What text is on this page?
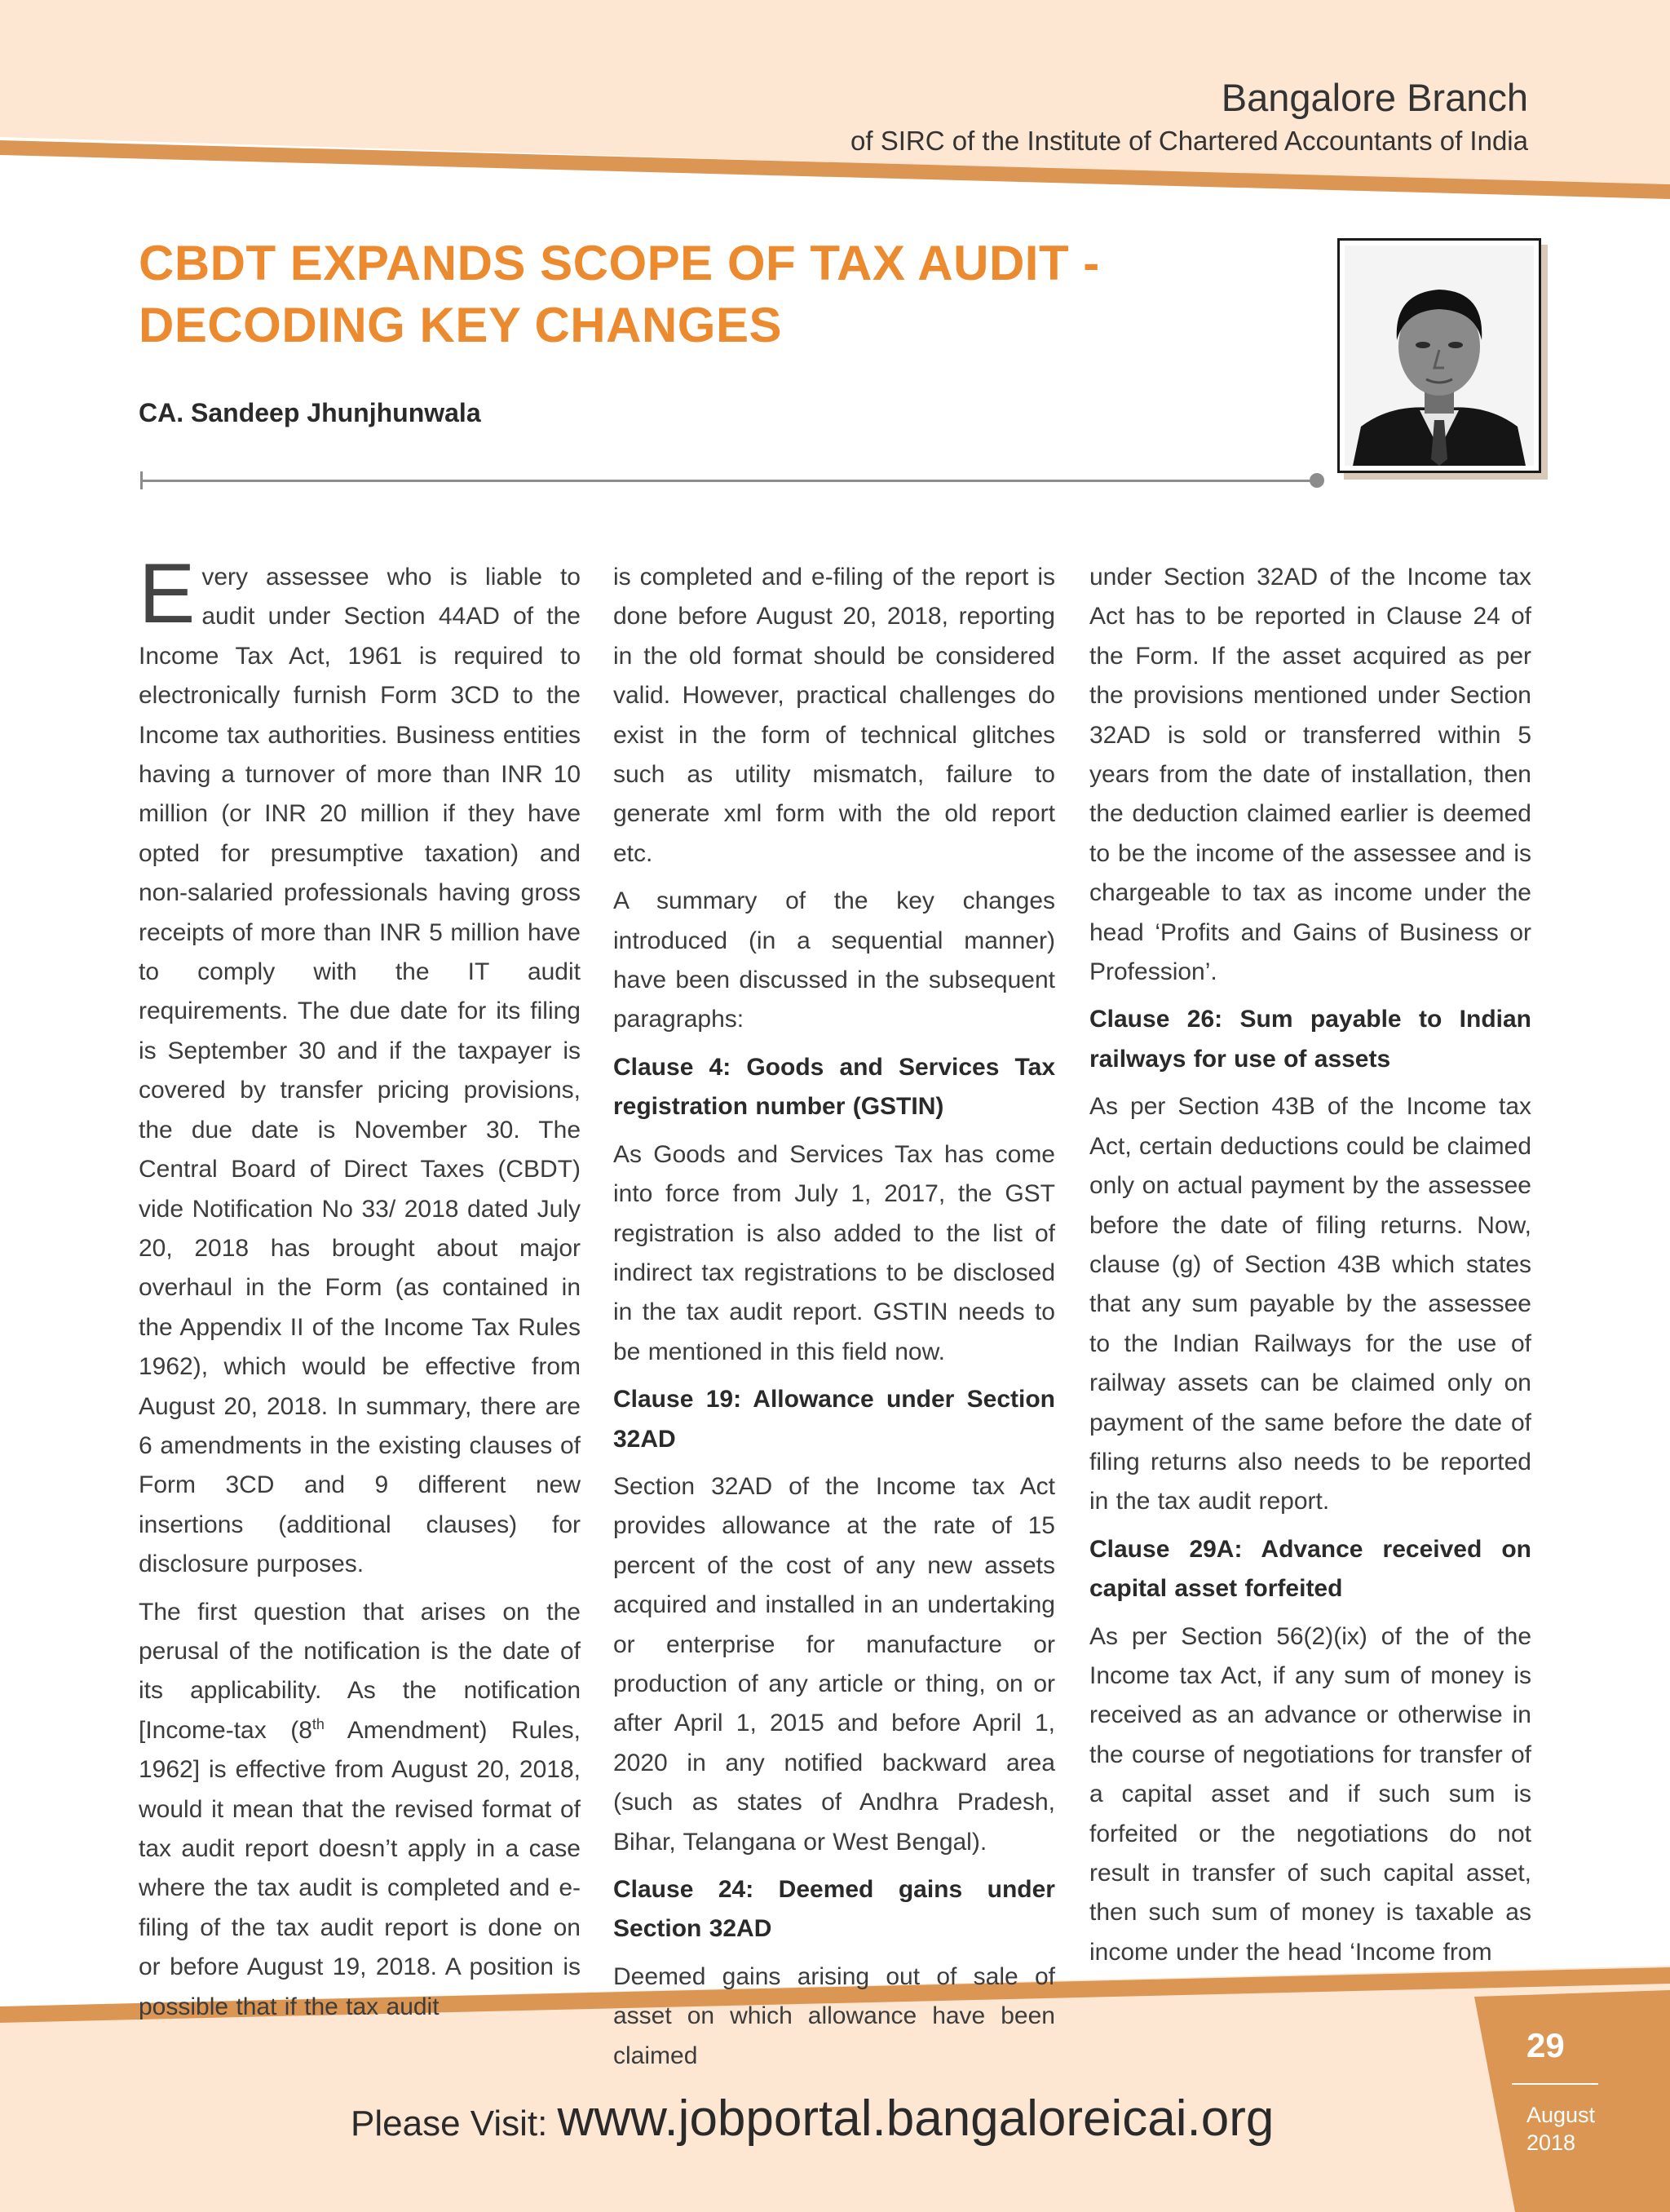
Bangalore Branch
of SIRC of the Institute of Chartered Accountants of India
CBDT EXPANDS SCOPE OF TAX AUDIT - DECODING KEY CHANGES
CA. Sandeep Jhunjhunwala

Every assessee who is liable to audit under Section 44AD of the Income Tax Act, 1961 is required to electronically furnish Form 3CD to the Income tax authorities. Business entities having a turnover of more than INR 10 million (or INR 20 million if they have opted for presumptive taxation) and non-salaried professionals having gross receipts of more than INR 5 million have to comply with the IT audit requirements. The due date for its filing is September 30 and if the taxpayer is covered by transfer pricing provisions, the due date is November 30. The Central Board of Direct Taxes (CBDT) vide Notification No 33/ 2018 dated July 20, 2018 has brought about major overhaul in the Form (as contained in the Appendix II of the Income Tax Rules 1962), which would be effective from August 20, 2018. In summary, there are 6 amendments in the existing clauses of Form 3CD and 9 different new insertions (additional clauses) for disclosure purposes.

The first question that arises on the perusal of the notification is the date of its applicability. As the notification [Income-tax (8th Amendment) Rules, 1962] is effective from August 20, 2018, would it mean that the revised format of tax audit report doesn’t apply in a case where the tax audit is completed and e-filing of the tax audit report is done on or before August 19, 2018. A position is possible that if the tax audit

is completed and e-filing of the report is done before August 20, 2018, reporting in the old format should be considered valid. However, practical challenges do exist in the form of technical glitches such as utility mismatch, failure to generate xml form with the old report etc.

A summary of the key changes introduced (in a sequential manner) have been discussed in the subsequent paragraphs:

Clause 4: Goods and Services Tax registration number (GSTIN)

As Goods and Services Tax has come into force from July 1, 2017, the GST registration is also added to the list of indirect tax registrations to be disclosed in the tax audit report. GSTIN needs to be mentioned in this field now.

Clause 19: Allowance under Section 32AD

Section 32AD of the Income tax Act provides allowance at the rate of 15 percent of the cost of any new assets acquired and installed in an undertaking or enterprise for manufacture or production of any article or thing, on or after April 1, 2015 and before April 1, 2020 in any notified backward area (such as states of Andhra Pradesh, Bihar, Telangana or West Bengal).

Clause 24: Deemed gains under Section 32AD

Deemed gains arising out of sale of asset on which allowance have been claimed

under Section 32AD of the Income tax Act has to be reported in Clause 24 of the Form. If the asset acquired as per the provisions mentioned under Section 32AD is sold or transferred within 5 years from the date of installation, then the deduction claimed earlier is deemed to be the income of the assessee and is chargeable to tax as income under the head ‘Profits and Gains of Business or Profession’.

Clause 26: Sum payable to Indian railways for use of assets

As per Section 43B of the Income tax Act, certain deductions could be claimed only on actual payment by the assessee before the date of filing returns. Now, clause (g) of Section 43B which states that any sum payable by the assessee to the Indian Railways for the use of railway assets can be claimed only on payment of the same before the date of filing returns also needs to be reported in the tax audit report.

Clause 29A: Advance received on capital asset forfeited

As per Section 56(2)(ix) of the of the Income tax Act, if any sum of money is received as an advance or otherwise in the course of negotiations for transfer of a capital asset and if such sum is forfeited or the negotiations do not result in transfer of such capital asset, then such sum of money is taxable as income under the head ‘Income from

Please Visit: www.jobportal.bangaloreicai.org
29
August
2018
